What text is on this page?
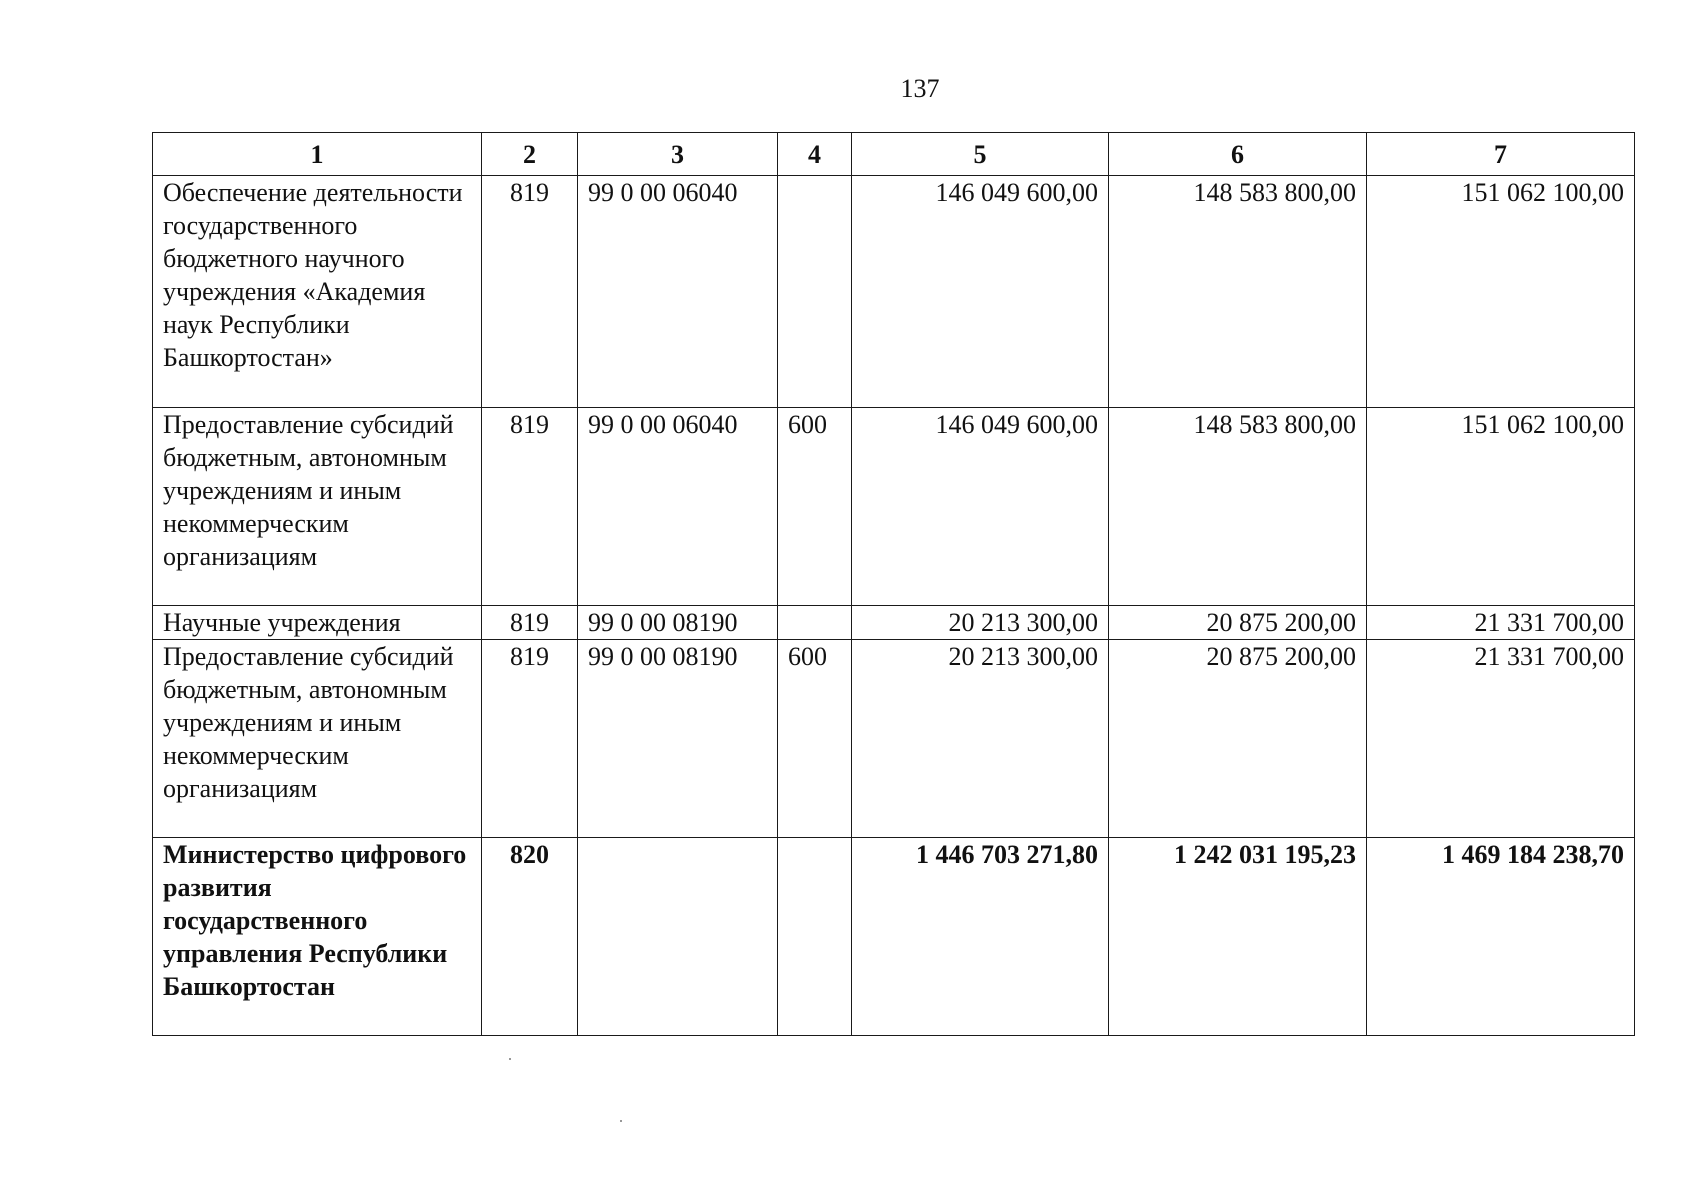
137
1	2	3	4	5	6	7
Обеспечение деятельности государственного бюджетного научного учреждения «Академия наук Республики Башкортостан»	819	99 0 00 06040		146 049 600,00	148 583 800,00	151 062 100,00
Предоставление субсидий бюджетным, автономным учреждениям и иным некоммерческим организациям	819	99 0 00 06040	600	146 049 600,00	148 583 800,00	151 062 100,00
Научные учреждения	819	99 0 00 08190		20 213 300,00	20 875 200,00	21 331 700,00
Предоставление субсидий бюджетным, автономным учреждениям и иным некоммерческим организациям	819	99 0 00 08190	600	20 213 300,00	20 875 200,00	21 331 700,00
Министерство цифрового развития государственного управления Республики Башкортостан	820			1 446 703 271,80	1 242 031 195,23	1 469 184 238,70
